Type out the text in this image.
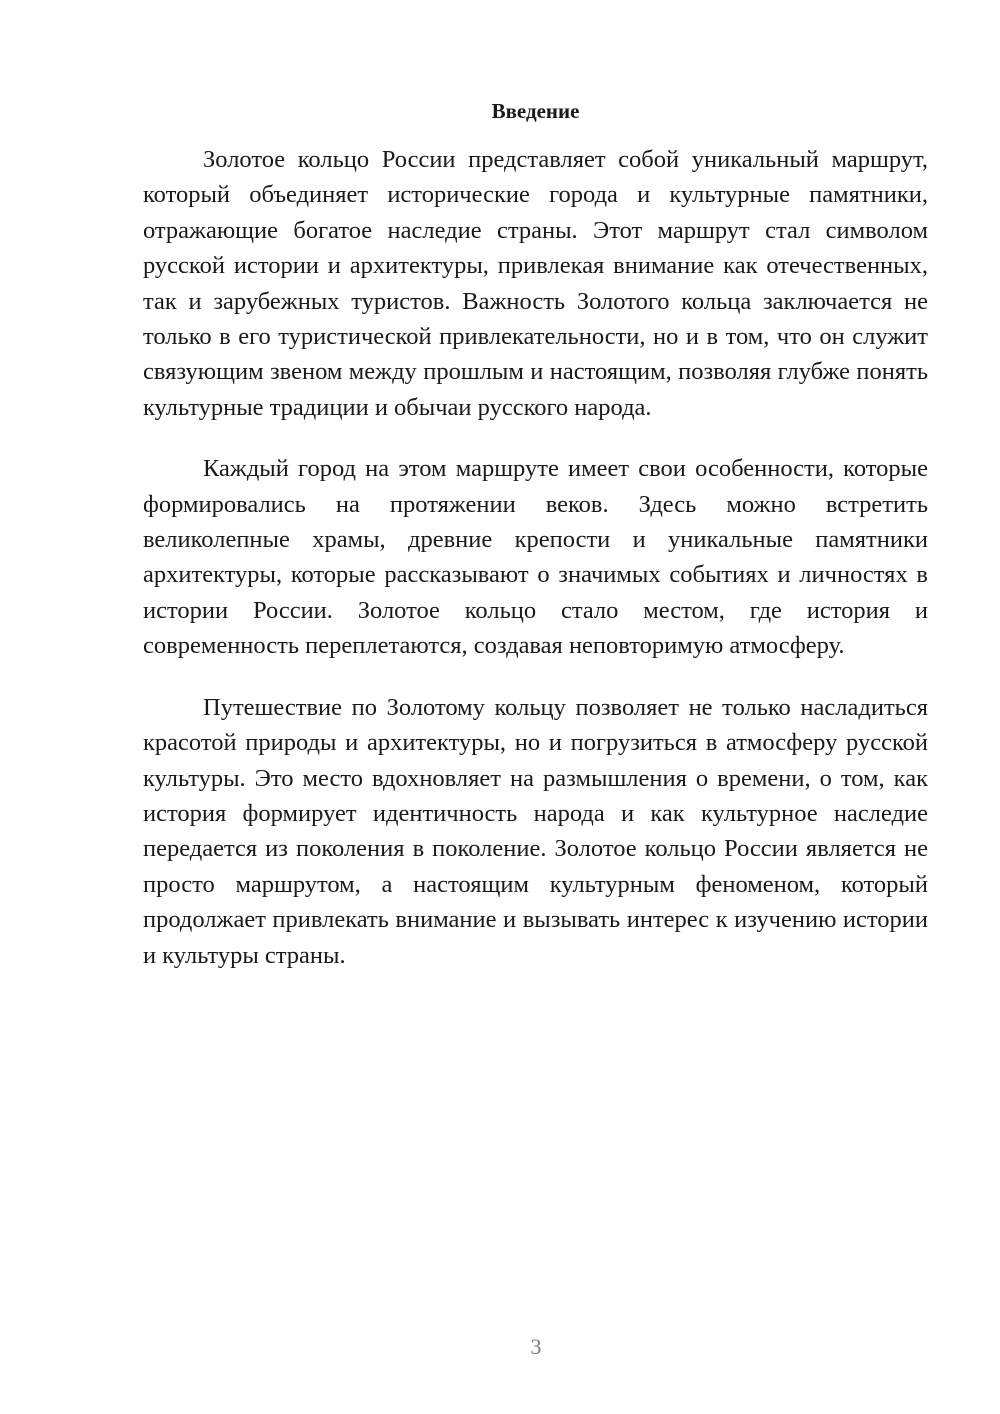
Введение

Золотое кольцо России представляет собой уникальный маршрут, который объединяет исторические города и культурные памятники, отражающие богатое наследие страны. Этот маршрут стал символом русской истории и архитектуры, привлекая внимание как отечественных, так и зарубежных туристов. Важность Золотого кольца заключается не только в его туристической привлекательности, но и в том, что он служит связующим звеном между прошлым и настоящим, позволяя глубже понять культурные традиции и обычаи русского народа.

Каждый город на этом маршруте имеет свои особенности, которые формировались на протяжении веков. Здесь можно встретить великолепные храмы, древние крепости и уникальные памятники архитектуры, которые рассказывают о значимых событиях и личностях в истории России. Золотое кольцо стало местом, где история и современность переплетаются, создавая неповторимую атмосферу.

Путешествие по Золотому кольцу позволяет не только насладиться красотой природы и архитектуры, но и погрузиться в атмосферу русской культуры. Это место вдохновляет на размышления о времени, о том, как история формирует идентичность народа и как культурное наследие передается из поколения в поколение. Золотое кольцо России является не просто маршрутом, а настоящим культурным феноменом, который продолжает привлекать внимание и вызывать интерес к изучению истории и культуры страны.

3
